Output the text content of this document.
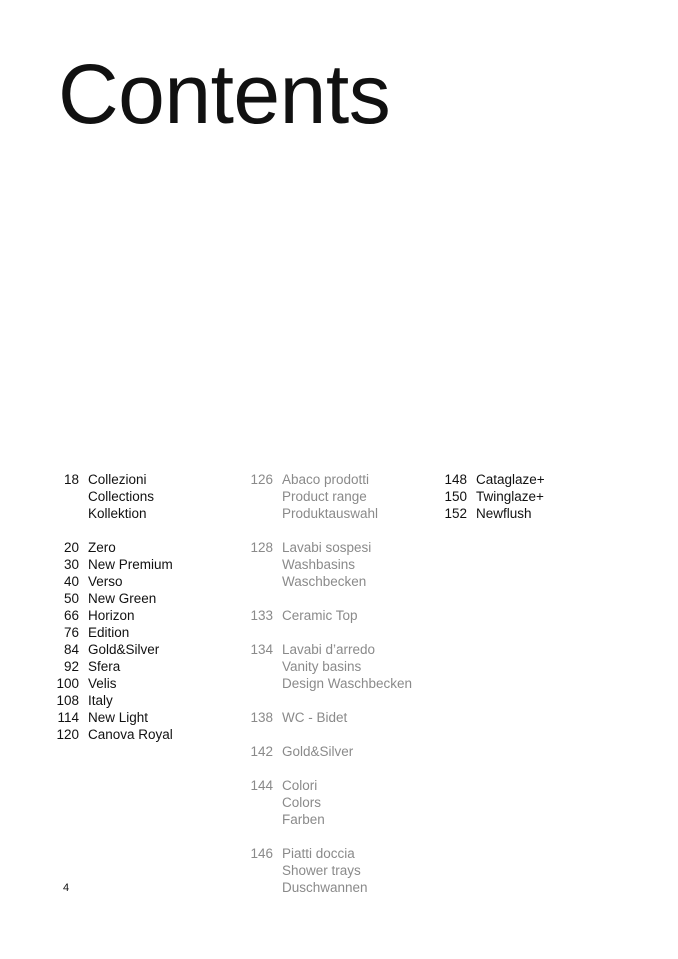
Contents
18 Collezioni
Collections
Kollektion
20 Zero
30 New Premium
40 Verso
50 New Green
66 Horizon
76 Edition
84 Gold&Silver
92 Sfera
100 Velis
108 Italy
114 New Light
120 Canova Royal
126 Abaco prodotti
Product range
Produktauswahl
128 Lavabi sospesi
Washbasins
Waschbecken
133 Ceramic Top
134 Lavabi d’arredo
Vanity basins
Design Waschbecken
138 WC - Bidet
142 Gold&Silver
144 Colori
Colors
Farben
146 Piatti doccia
Shower trays
Duschwannen
148 Cataglaze+
150 Twinglaze+
152 Newflush
4
